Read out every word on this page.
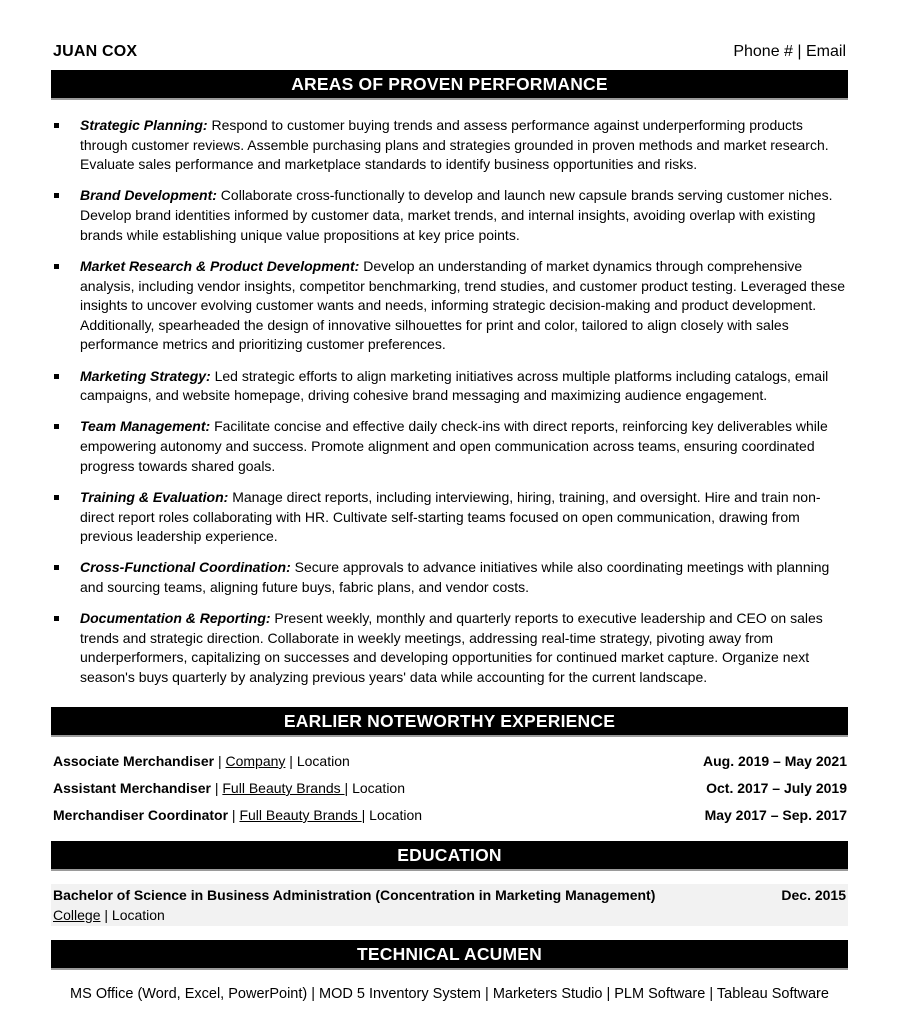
JUAN COX	Phone # | Email
AREAS OF PROVEN PERFORMANCE
Strategic Planning: Respond to customer buying trends and assess performance against underperforming products through customer reviews. Assemble purchasing plans and strategies grounded in proven methods and market research. Evaluate sales performance and marketplace standards to identify business opportunities and risks.
Brand Development: Collaborate cross-functionally to develop and launch new capsule brands serving customer niches. Develop brand identities informed by customer data, market trends, and internal insights, avoiding overlap with existing brands while establishing unique value propositions at key price points.
Market Research & Product Development: Develop an understanding of market dynamics through comprehensive analysis, including vendor insights, competitor benchmarking, trend studies, and customer product testing. Leveraged these insights to uncover evolving customer wants and needs, informing strategic decision-making and product development. Additionally, spearheaded the design of innovative silhouettes for print and color, tailored to align closely with sales performance metrics and prioritizing customer preferences.
Marketing Strategy: Led strategic efforts to align marketing initiatives across multiple platforms including catalogs, email campaigns, and website homepage, driving cohesive brand messaging and maximizing audience engagement.
Team Management: Facilitate concise and effective daily check-ins with direct reports, reinforcing key deliverables while empowering autonomy and success. Promote alignment and open communication across teams, ensuring coordinated progress towards shared goals.
Training & Evaluation: Manage direct reports, including interviewing, hiring, training, and oversight. Hire and train non-direct report roles collaborating with HR. Cultivate self-starting teams focused on open communication, drawing from previous leadership experience.
Cross-Functional Coordination: Secure approvals to advance initiatives while also coordinating meetings with planning and sourcing teams, aligning future buys, fabric plans, and vendor costs.
Documentation & Reporting: Present weekly, monthly and quarterly reports to executive leadership and CEO on sales trends and strategic direction. Collaborate in weekly meetings, addressing real-time strategy, pivoting away from underperformers, capitalizing on successes and developing opportunities for continued market capture. Organize next season's buys quarterly by analyzing previous years' data while accounting for the current landscape.
EARLIER NOTEWORTHY EXPERIENCE
Associate Merchandiser | Company | Location	Aug. 2019 – May 2021
Assistant Merchandiser | Full Beauty Brands | Location	Oct. 2017 – July 2019
Merchandiser Coordinator | Full Beauty Brands | Location	May 2017 – Sep. 2017
EDUCATION
Bachelor of Science in Business Administration (Concentration in Marketing Management)	Dec. 2015
College | Location
TECHNICAL ACUMEN
MS Office (Word, Excel, PowerPoint) | MOD 5 Inventory System | Marketers Studio | PLM Software | Tableau Software
